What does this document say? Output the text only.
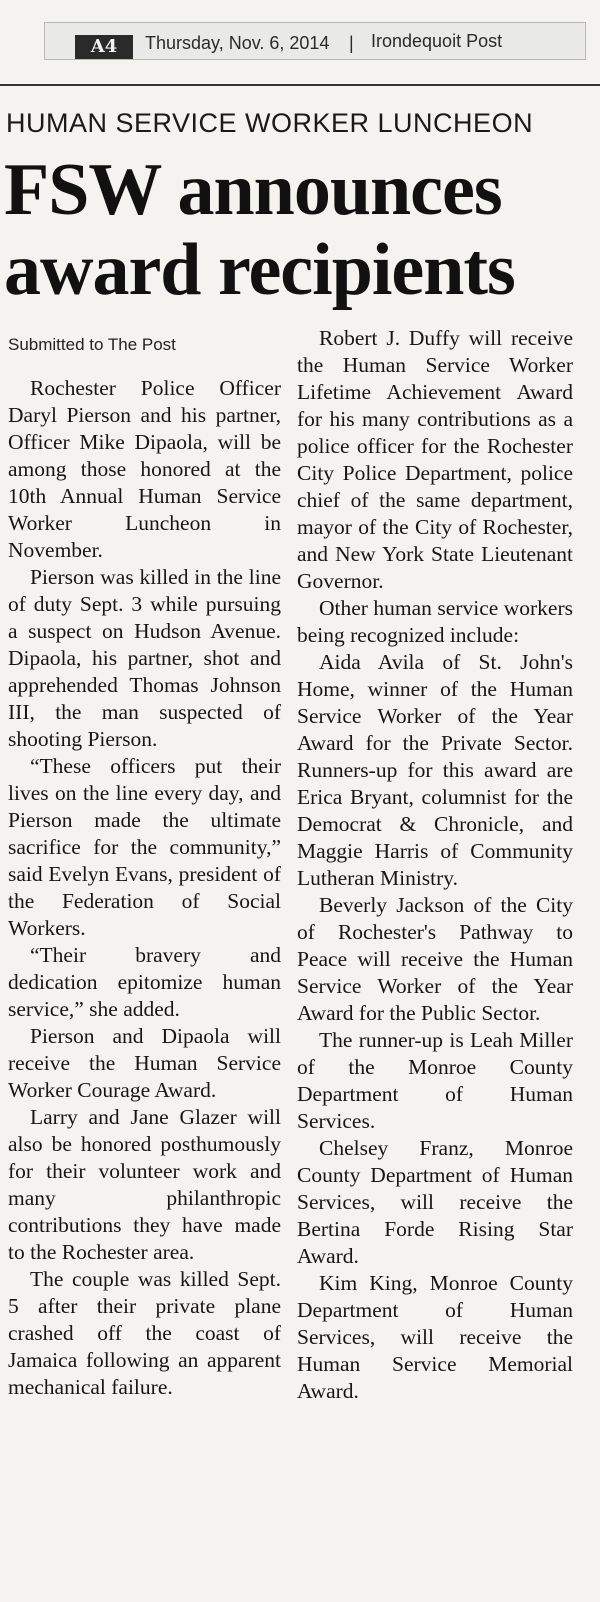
A4	Thursday, Nov. 6, 2014 | Irondequoit Post
HUMAN SERVICE WORKER LUNCHEON
FSW announces
award recipients
Submitted to The Post

Rochester Police Officer Daryl Pierson and his partner, Officer Mike Dipaola, will be among those honored at the 10th Annual Human Service Worker Luncheon in November.

Pierson was killed in the line of duty Sept. 3 while pursuing a suspect on Hudson Avenue. Dipaola, his partner, shot and apprehended Thomas Johnson III, the man suspected of shooting Pierson.

“These officers put their lives on the line every day, and Pierson made the ultimate sacrifice for the community,” said Evelyn Evans, president of the Federation of Social Workers.

“Their bravery and dedication epitomize human service,” she added.

Pierson and Dipaola will receive the Human Service Worker Courage Award.

Larry and Jane Glazer will also be honored posthumously for their volunteer work and many philanthropic contributions they have made to the Rochester area.

The couple was killed Sept. 5 after their private plane crashed off the coast of Jamaica following an apparent mechanical failure.

Robert J. Duffy will receive the Human Service Worker Lifetime Achievement Award for his many contributions as a police officer for the Rochester City Police Department, police chief of the same department, mayor of the City of Rochester, and New York State Lieutenant Governor.

Other human service workers being recognized include:

Aida Avila of St. John's Home, winner of the Human Service Worker of the Year Award for the Private Sector. Runners-up for this award are Erica Bryant, columnist for the Democrat & Chronicle, and Maggie Harris of Community Lutheran Ministry.

Beverly Jackson of the City of Rochester's Pathway to Peace will receive the Human Service Worker of the Year Award for the Public Sector.

The runner-up is Leah Miller of the Monroe County Department of Human Services.

Chelsey Franz, Monroe County Department of Human Services, will receive the Bertina Forde Rising Star Award.

Kim King, Monroe County Department of Human Services, will receive the Human Service Memorial Award.
